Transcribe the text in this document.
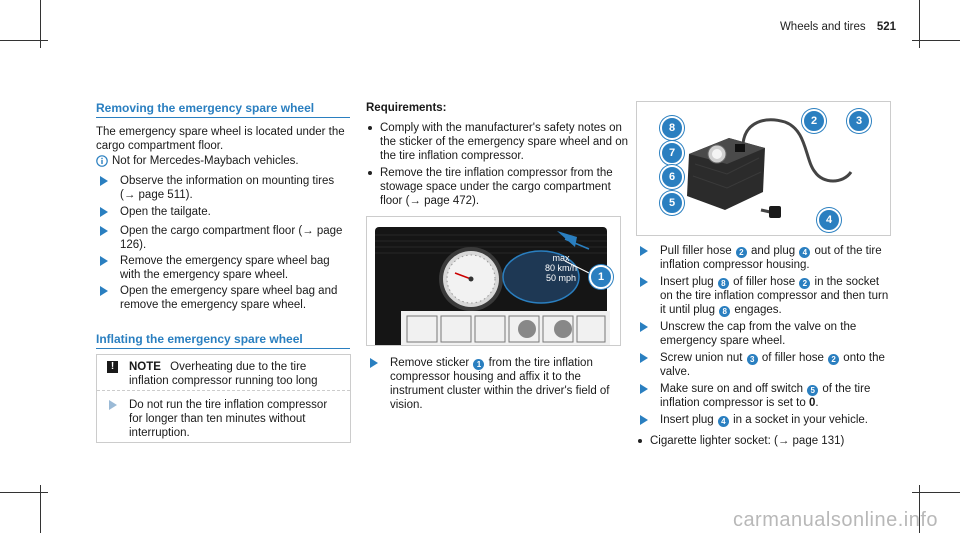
Wheels and tires 521
Removing the emergency spare wheel

The emergency spare wheel is located under the cargo compartment floor.

Not for Mercedes-Maybach vehicles.
Observe the information on mounting tires (→ page 511).
Open the tailgate.
Open the cargo compartment floor (→ page 126).
Remove the emergency spare wheel bag with the emergency spare wheel.
Open the emergency spare wheel bag and remove the emergency spare wheel.
Inflating the emergency spare wheel
!	NOTE Overheating due to the tire inflation compressor running too long
Do not run the tire inflation compressor for longer than ten minutes without interruption.
Requirements:
Comply with the manufacturer's safety notes on the sticker of the emergency spare wheel and on the tire inflation compressor.
Remove the tire inflation compressor from the stowage space under the cargo compartment floor (→ page 472).
max
80 km/h
50 mph	1
Remove sticker 1 from the tire inflation compressor housing and affix it to the instrument cluster within the driver's field of vision.
8
7
6
5
2	3
4
Pull filler hose 2 and plug 4 out of the tire inflation compressor housing.
Insert plug 8 of filler hose 2 in the socket on the tire inflation compressor and then turn it until plug 8 engages.
Unscrew the cap from the valve on the emergency spare wheel.
Screw union nut 3 of filler hose 2 onto the valve.
Make sure on and off switch 5 of the tire inflation compressor is set to 0.
Insert plug 4 in a socket in your vehicle.
Cigarette lighter socket: (→ page 131)
carmanualsonline.info
